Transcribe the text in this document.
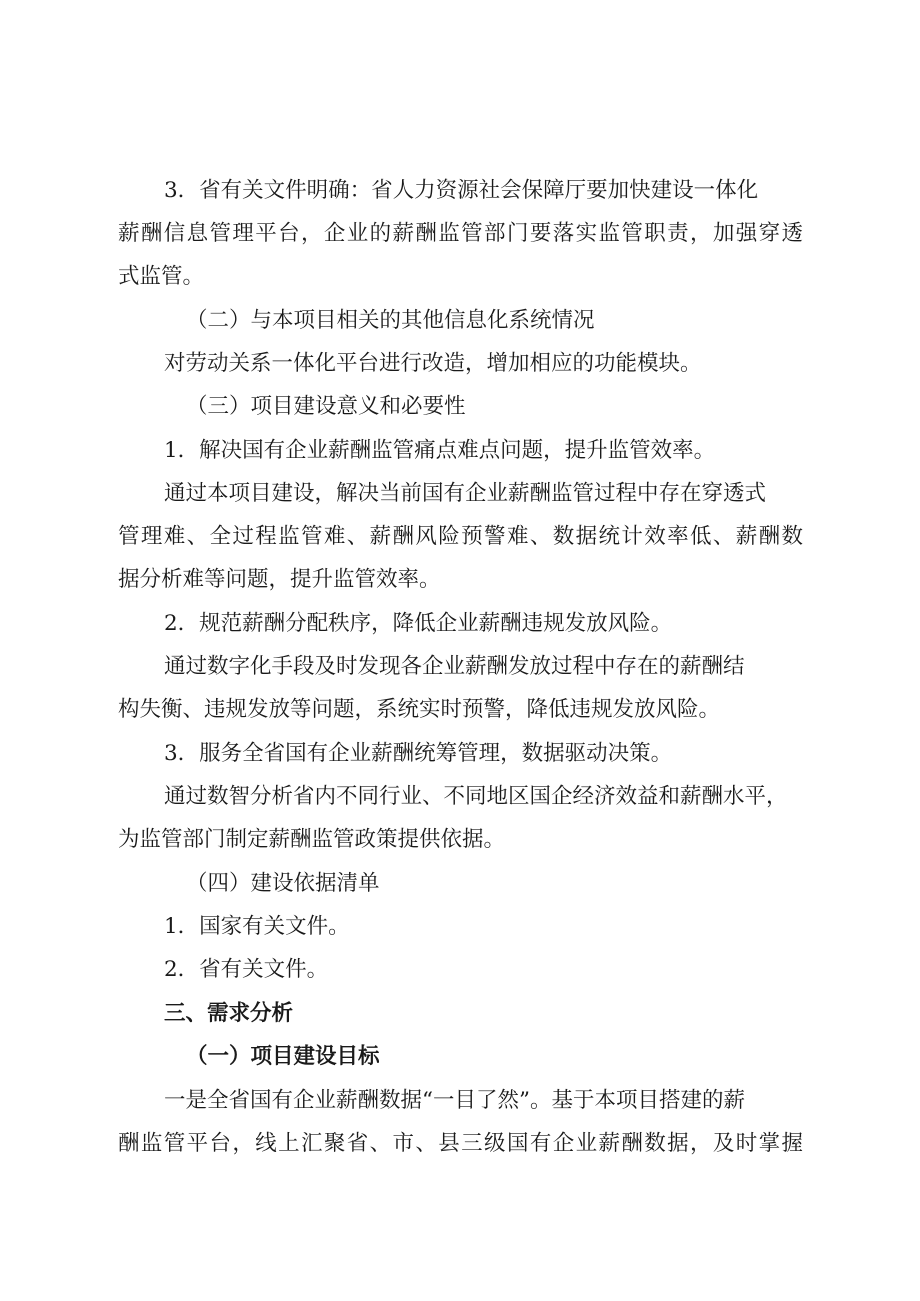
3．省有关文件明确：省人力资源社会保障厅要加快建设一体化
薪酬信息管理平台，企业的薪酬监管部门要落实监管职责，加强穿透
式监管。
（二）与本项目相关的其他信息化系统情况
对劳动关系一体化平台进行改造，增加相应的功能模块。
（三）项目建设意义和必要性
1．解决国有企业薪酬监管痛点难点问题，提升监管效率。
通过本项目建设，解决当前国有企业薪酬监管过程中存在穿透式
管理难、全过程监管难、薪酬风险预警难、数据统计效率低、薪酬数
据分析难等问题，提升监管效率。
2．规范薪酬分配秩序，降低企业薪酬违规发放风险。
通过数字化手段及时发现各企业薪酬发放过程中存在的薪酬结
构失衡、违规发放等问题，系统实时预警，降低违规发放风险。
3．服务全省国有企业薪酬统筹管理，数据驱动决策。
通过数智分析省内不同行业、不同地区国企经济效益和薪酬水平，
为监管部门制定薪酬监管政策提供依据。
（四）建设依据清单
1．国家有关文件。
2．省有关文件。
三、需求分析
（一）项目建设目标
一是全省国有企业薪酬数据“一目了然”。基于本项目搭建的薪
酬监管平台，线上汇聚省、市、县三级国有企业薪酬数据，及时掌握
